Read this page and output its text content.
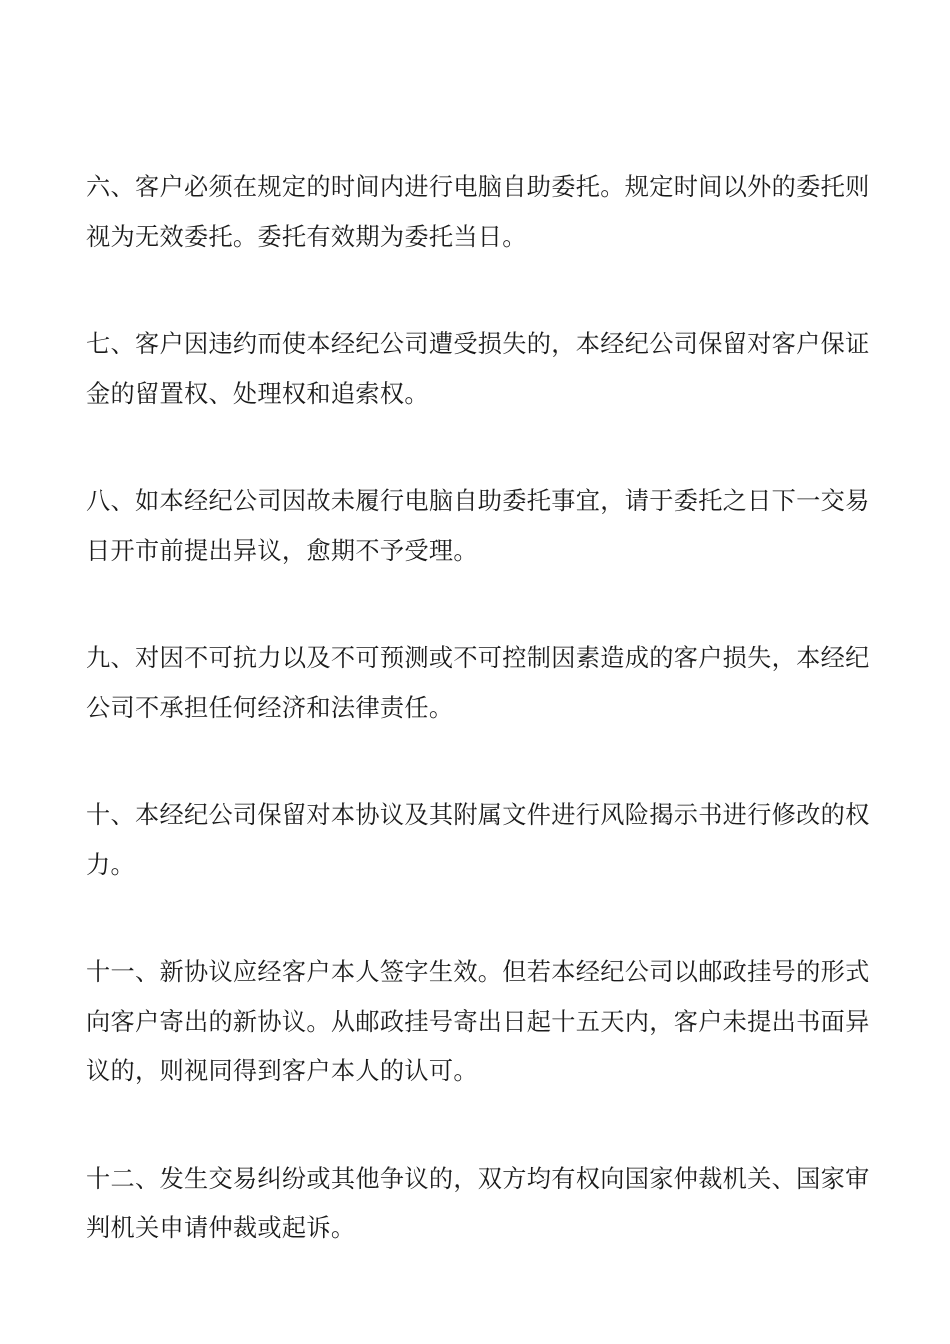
六、客户必须在规定的时间内进行电脑自助委托。规定时间以外的委托则
视为无效委托。委托有效期为委托当日。
七、客户因违约而使本经纪公司遭受损失的，本经纪公司保留对客户保证
金的留置权、处理权和追索权。
八、如本经纪公司因故未履行电脑自助委托事宜，请于委托之日下一交易
日开市前提出异议，愈期不予受理。
九、对因不可抗力以及不可预测或不可控制因素造成的客户损失，本经纪
公司不承担任何经济和法律责任。
十、本经纪公司保留对本协议及其附属文件进行风险揭示书进行修改的权
力。
十一、新协议应经客户本人签字生效。但若本经纪公司以邮政挂号的形式
向客户寄出的新协议。从邮政挂号寄出日起十五天内，客户未提出书面异
议的，则视同得到客户本人的认可。
十二、发生交易纠纷或其他争议的，双方均有权向国家仲裁机关、国家审
判机关申请仲裁或起诉。
